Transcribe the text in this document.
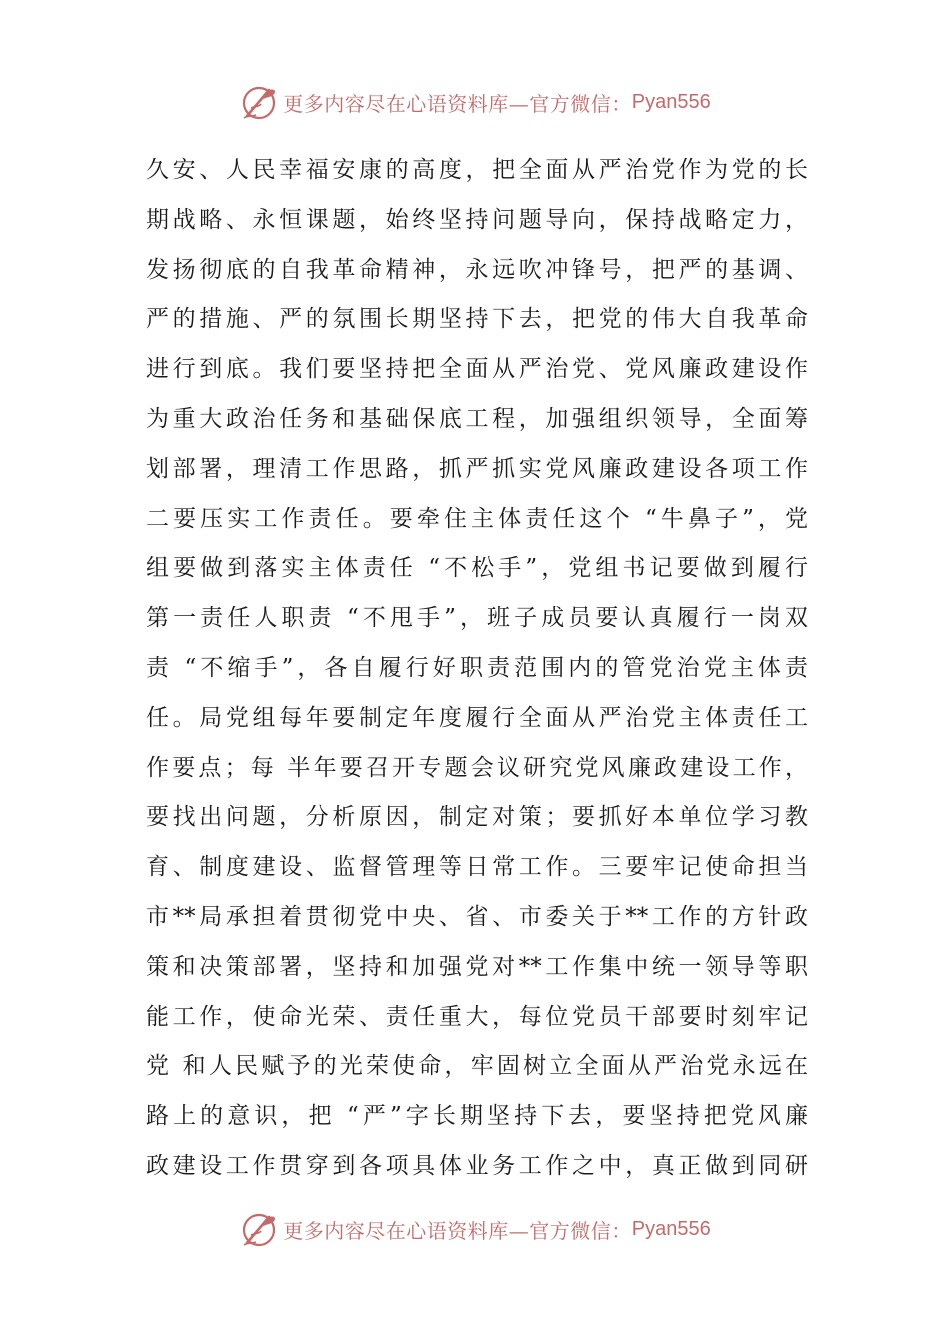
更多内容尽在心语资料库—官方微信： Pyan556
久安、人民幸福安康的高度，把全面从严治党作为党的长
期战略、永恒课题，始终坚持问题导向，保持战略定力，
发扬彻底的自我革命精神，永远吹冲锋号，把严的基调、
严的措施、严的氛围长期坚持下去，把党的伟大自我革命
进行到底。我们要坚持把全面从严治党、党风廉政建设作
为重大政治任务和基础保底工程，加强组织领导，全面筹
划部署，理清工作思路，抓严抓实党风廉政建设各项工作
二要压实工作责任。要牵住主体责任这个 “牛鼻子”，党
组要做到落实主体责任 “不松手”，党组书记要做到履行
第一责任人职责 “不甩手”，班子成员要认真履行一岗双
责 “不缩手”，各自履行好职责范围内的管党治党主体责
任。局党组每年要制定年度履行全面从严治党主体责任工
作要点；每 半年要召开专题会议研究党风廉政建设工作，
要找出问题，分析原因，制定对策；要抓好本单位学习教
育、制度建设、监督管理等日常工作。三要牢记使命担当
市**局承担着贯彻党中央、省、市委关于**工作的方针政
策和决策部署，坚持和加强党对**工作集中统一领导等职
能工作，使命光荣、责任重大，每位党员干部要时刻牢记
党 和人民赋予的光荣使命，牢固树立全面从严治党永远在
路上的意识，把 “严”字长期坚持下去，要坚持把党风廉
政建设工作贯穿到各项具体业务工作之中，真正做到同研
更多内容尽在心语资料库—官方微信： Pyan556
